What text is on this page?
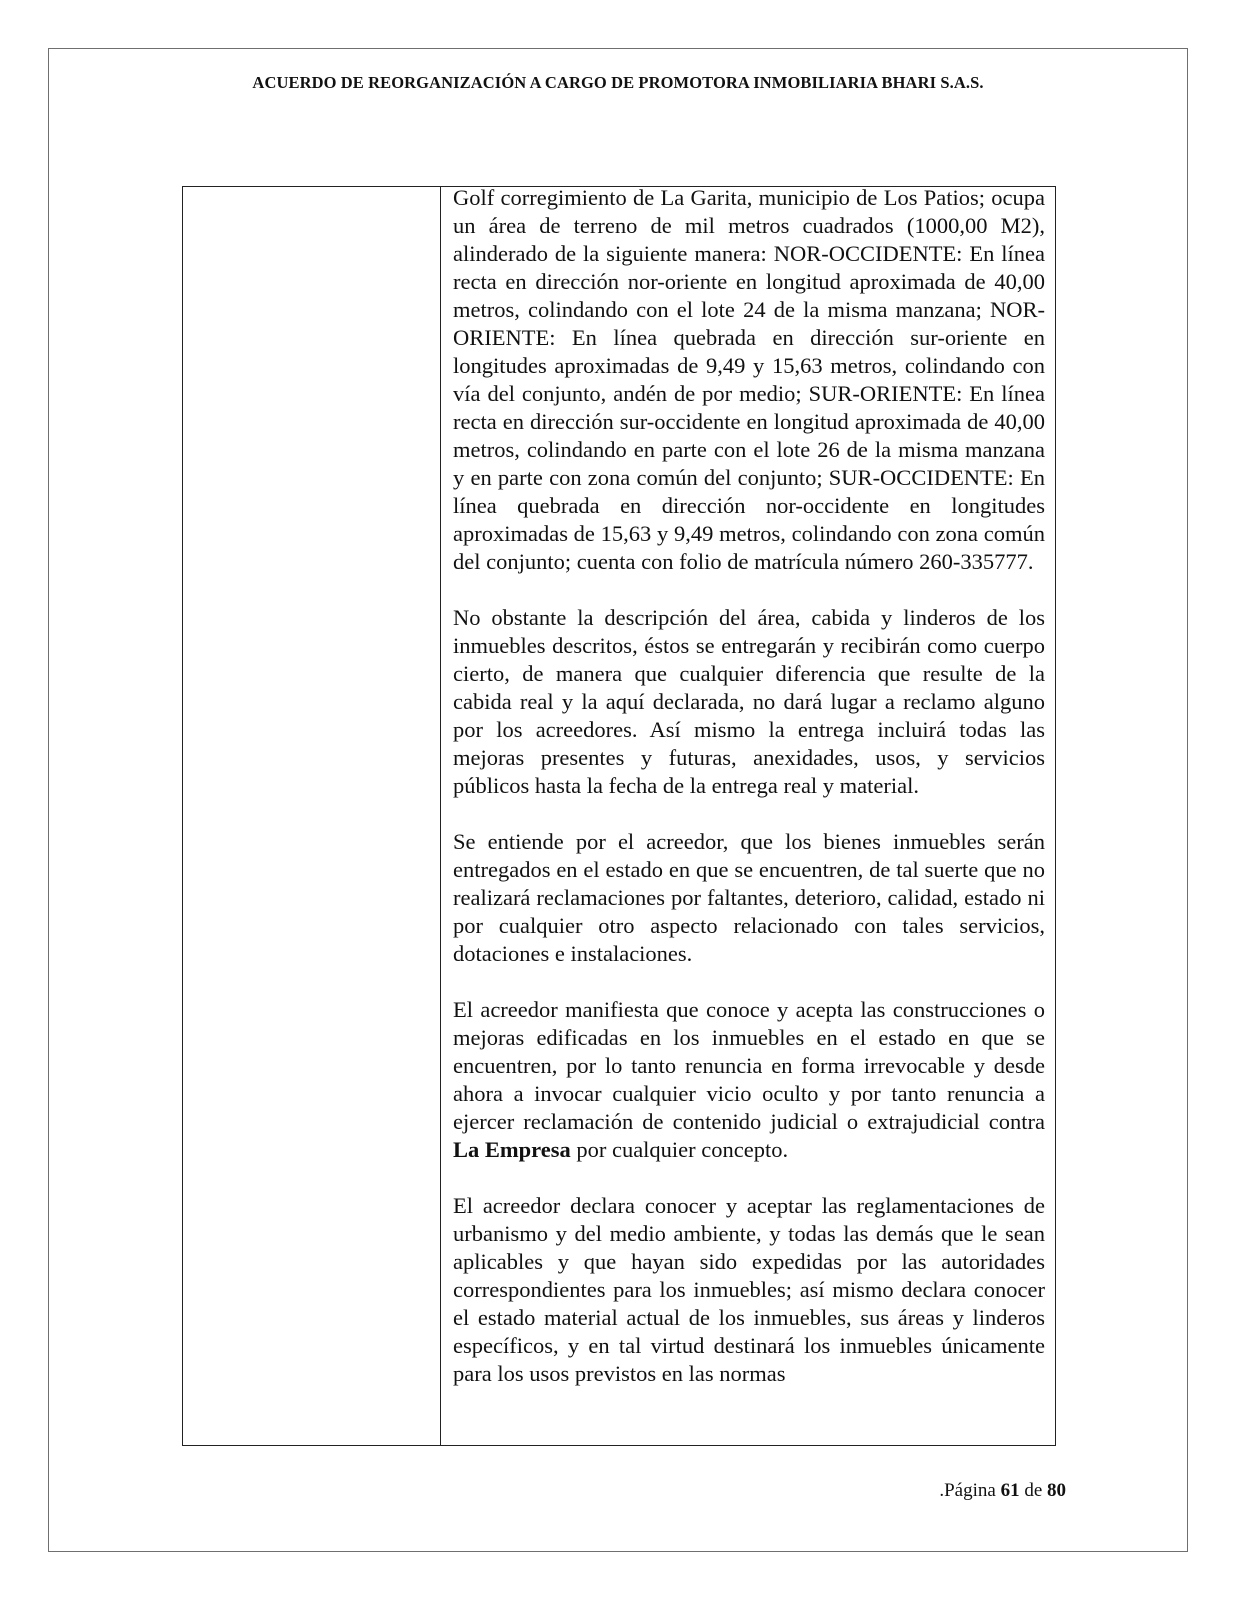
ACUERDO DE REORGANIZACIÓN A CARGO DE PROMOTORA INMOBILIARIA BHARI S.A.S.

Golf corregimiento de La Garita, municipio de Los Patios; ocupa un área de terreno de mil metros cuadrados (1000,00 M2), alinderado de la siguiente manera: NOR-OCCIDENTE: En línea recta en dirección nor-oriente en longitud aproximada de 40,00 metros, colindando con el lote 24 de la misma manzana; NOR-ORIENTE: En línea quebrada en dirección sur-oriente en longitudes aproximadas de 9,49 y 15,63 metros, colindando con vía del conjunto, andén de por medio; SUR-ORIENTE: En línea recta en dirección sur-occidente en longitud aproximada de 40,00 metros, colindando en parte con el lote 26 de la misma manzana y en parte con zona común del conjunto; SUR-OCCIDENTE: En línea quebrada en dirección nor-occidente en longitudes aproximadas de 15,63 y 9,49 metros, colindando con zona común del conjunto; cuenta con folio de matrícula número 260-335777.

No obstante la descripción del área, cabida y linderos de los inmuebles descritos, éstos se entregarán y recibirán como cuerpo cierto, de manera que cualquier diferencia que resulte de la cabida real y la aquí declarada, no dará lugar a reclamo alguno por los acreedores. Así mismo la entrega incluirá todas las mejoras presentes y futuras, anexidades, usos, y servicios públicos hasta la fecha de la entrega real y material.

Se entiende por el acreedor, que los bienes inmuebles serán entregados en el estado en que se encuentren, de tal suerte que no realizará reclamaciones por faltantes, deterioro, calidad, estado ni por cualquier otro aspecto relacionado con tales servicios, dotaciones e instalaciones.

El acreedor manifiesta que conoce y acepta las construcciones o mejoras edificadas en los inmuebles en el estado en que se encuentren, por lo tanto renuncia en forma irrevocable y desde ahora a invocar cualquier vicio oculto y por tanto renuncia a ejercer reclamación de contenido judicial o extrajudicial contra La Empresa por cualquier concepto.

El acreedor declara conocer y aceptar las reglamentaciones de urbanismo y del medio ambiente, y todas las demás que le sean aplicables y que hayan sido expedidas por las autoridades correspondientes para los inmuebles; así mismo declara conocer el estado material actual de los inmuebles, sus áreas y linderos específicos, y en tal virtud destinará los inmuebles únicamente para los usos previstos en las normas

.Página 61 de 80
